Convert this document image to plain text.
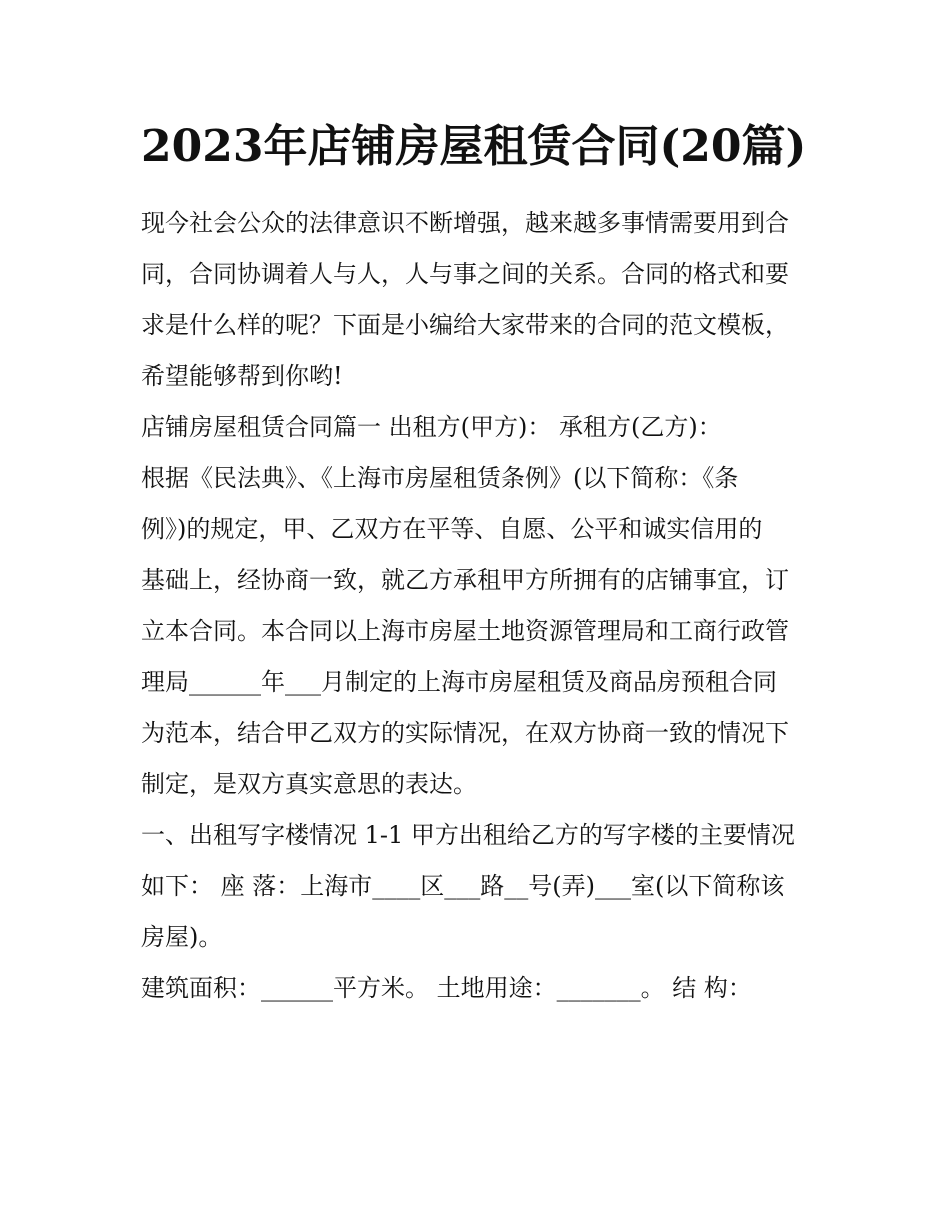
2023年店铺房屋租赁合同(20篇)

现今社会公众的法律意识不断增强，越来越多事情需要用到合

同，合同协调着人与人，人与事之间的关系。合同的格式和要

求是什么样的呢？下面是小编给大家带来的合同的范文模板，

希望能够帮到你哟!

店铺房屋租赁合同篇一 出租方(甲方)： 承租方(乙方)：

根据《民法典》、《上海市房屋租赁条例》(以下简称：《条

例》)的规定，甲、乙双方在平等、自愿、公平和诚实信用的

基础上，经协商一致，就乙方承租甲方所拥有的店铺事宜，订

立本合同。本合同以上海市房屋土地资源管理局和工商行政管

理局______年___月制定的上海市房屋租赁及商品房预租合同

为范本，结合甲乙双方的实际情况，在双方协商一致的情况下

制定，是双方真实意思的表达。

一、出租写字楼情况 1-1 甲方出租给乙方的写字楼的主要情况

如下： 座 落：上海市____区___路__号(弄)___室(以下简称该

房屋)。

建筑面积：______平方米。 土地用途：_______。 结 构：
